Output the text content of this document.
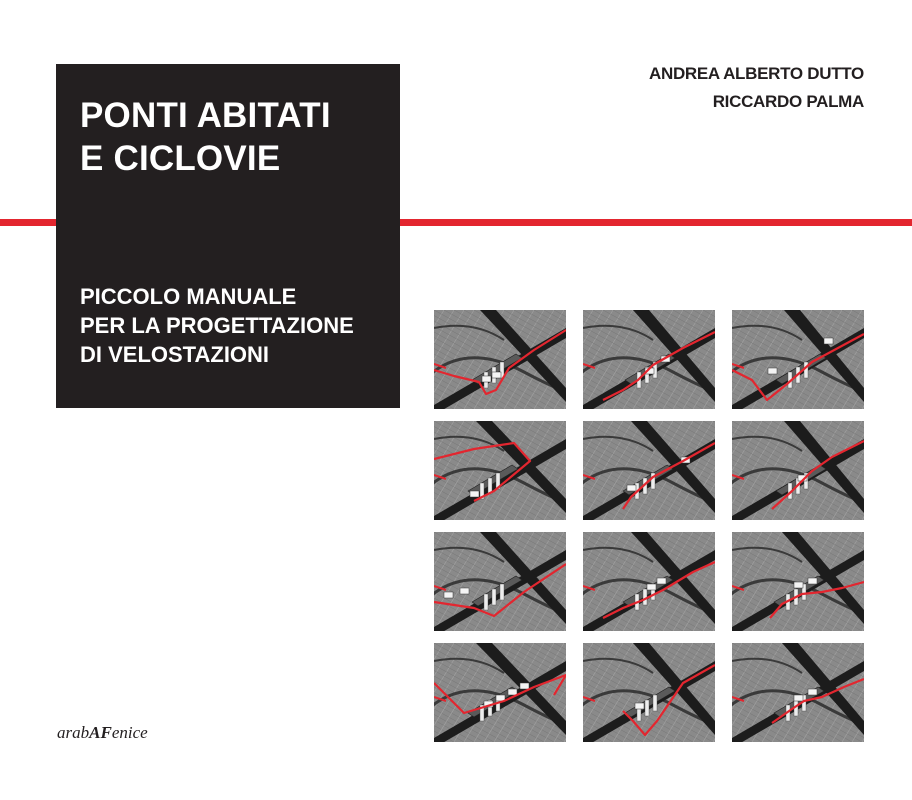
PONTI ABITATI
E CICLOVIE
PICCOLO MANUALE
PER LA PROGETTAZIONE
DI VELOSTAZIONI
ANDREA ALBERTO DUTTO
RICCARDO PALMA
arabAFenice
